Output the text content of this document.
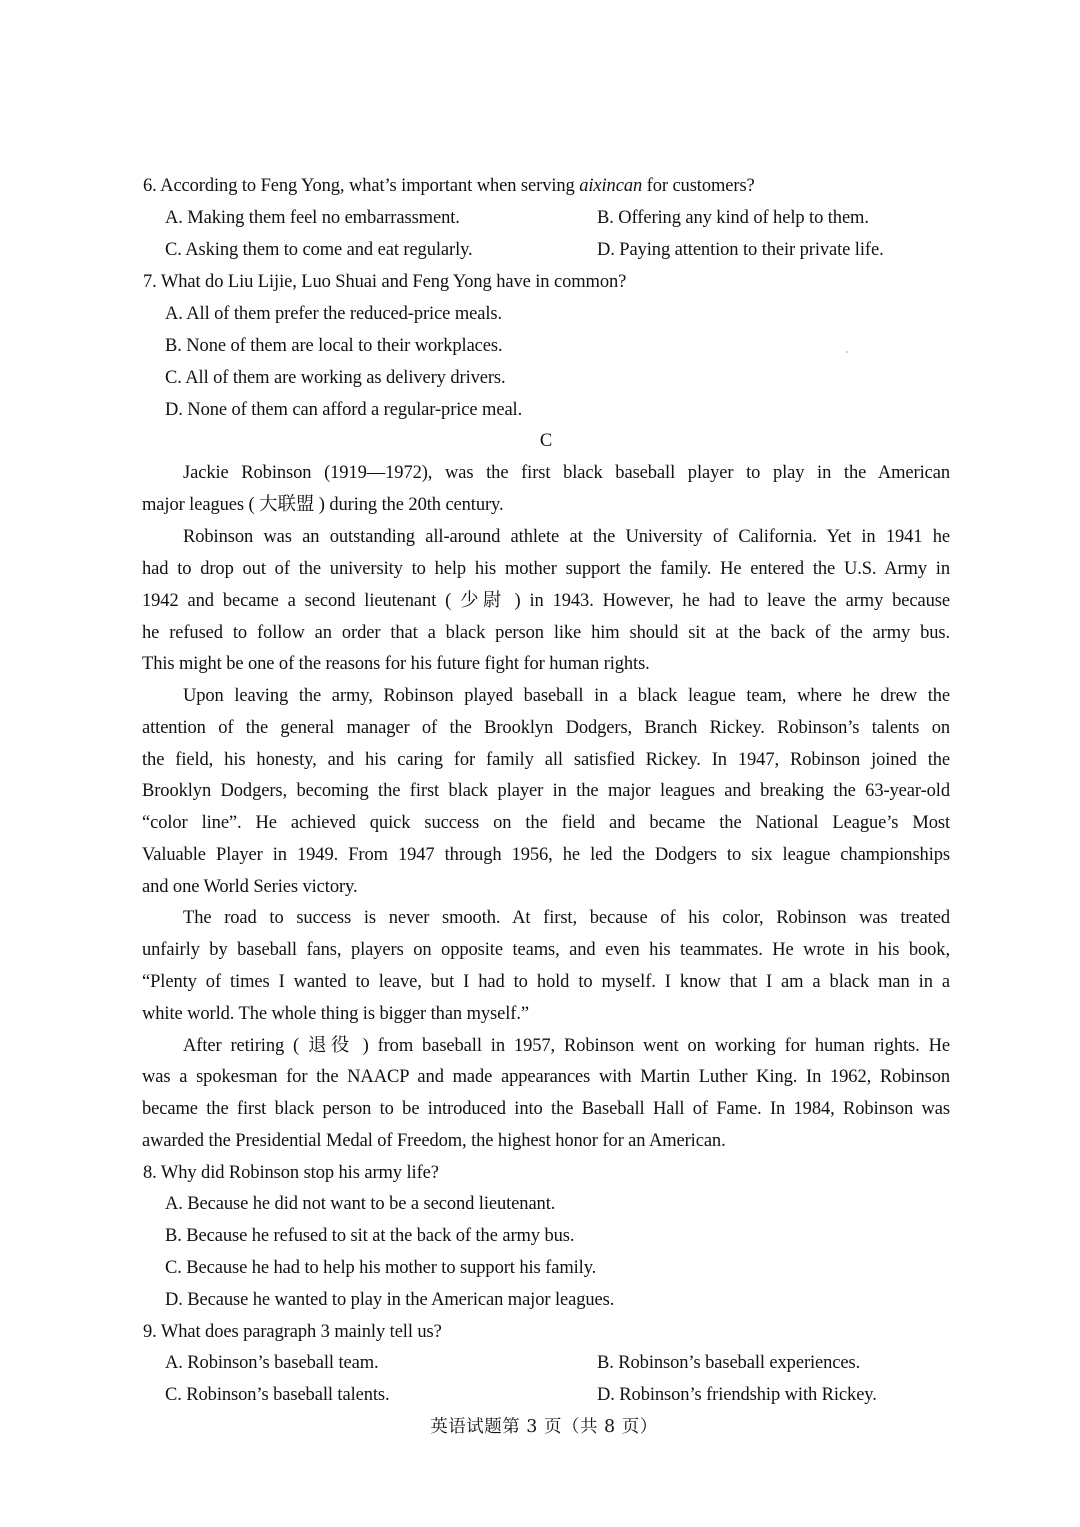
6. According to Feng Yong, what’s important when serving aixincan for customers?
A. Making them feel no embarrassment.	B. Offering any kind of help to them.
C. Asking them to come and eat regularly.	D. Paying attention to their private life.
7. What do Liu Lijie, Luo Shuai and Feng Yong have in common?
A. All of them prefer the reduced-price meals.
B. None of them are local to their workplaces.
C. All of them are working as delivery drivers.
D. None of them can afford a regular-price meal.
C
Jackie Robinson (1919—1972), was the first black baseball player to play in the American
major leagues ( 大联盟 ) during the 20th century.
Robinson was an outstanding all-around athlete at the University of California. Yet in 1941 he
had to drop out of the university to help his mother support the family. He entered the U.S. Army in
1942 and became a second lieutenant ( 少尉 ) in 1943. However, he had to leave the army because
he refused to follow an order that a black person like him should sit at the back of the army bus.
This might be one of the reasons for his future fight for human rights.
Upon leaving the army, Robinson played baseball in a black league team, where he drew the
attention of the general manager of the Brooklyn Dodgers, Branch Rickey. Robinson’s talents on
the field, his honesty, and his caring for family all satisfied Rickey. In 1947, Robinson joined the
Brooklyn Dodgers, becoming the first black player in the major leagues and breaking the 63-year-old
“color line”. He achieved quick success on the field and became the National League’s Most
Valuable Player in 1949. From 1947 through 1956, he led the Dodgers to six league championships
and one World Series victory.
The road to success is never smooth. At first, because of his color, Robinson was treated
unfairly by baseball fans, players on opposite teams, and even his teammates. He wrote in his book,
“Plenty of times I wanted to leave, but I had to hold to myself. I know that I am a black man in a
white world. The whole thing is bigger than myself.”
After retiring ( 退役 ) from baseball in 1957, Robinson went on working for human rights. He
was a spokesman for the NAACP and made appearances with Martin Luther King. In 1962, Robinson
became the first black person to be introduced into the Baseball Hall of Fame. In 1984, Robinson was
awarded the Presidential Medal of Freedom, the highest honor for an American.
8. Why did Robinson stop his army life?
A. Because he did not want to be a second lieutenant.
B. Because he refused to sit at the back of the army bus.
C. Because he had to help his mother to support his family.
D. Because he wanted to play in the American major leagues.
9. What does paragraph 3 mainly tell us?
A. Robinson’s baseball team.	B. Robinson’s baseball experiences.
C. Robinson’s baseball talents.	D. Robinson’s friendship with Rickey.
英语试题第 3 页（共 8 页）
